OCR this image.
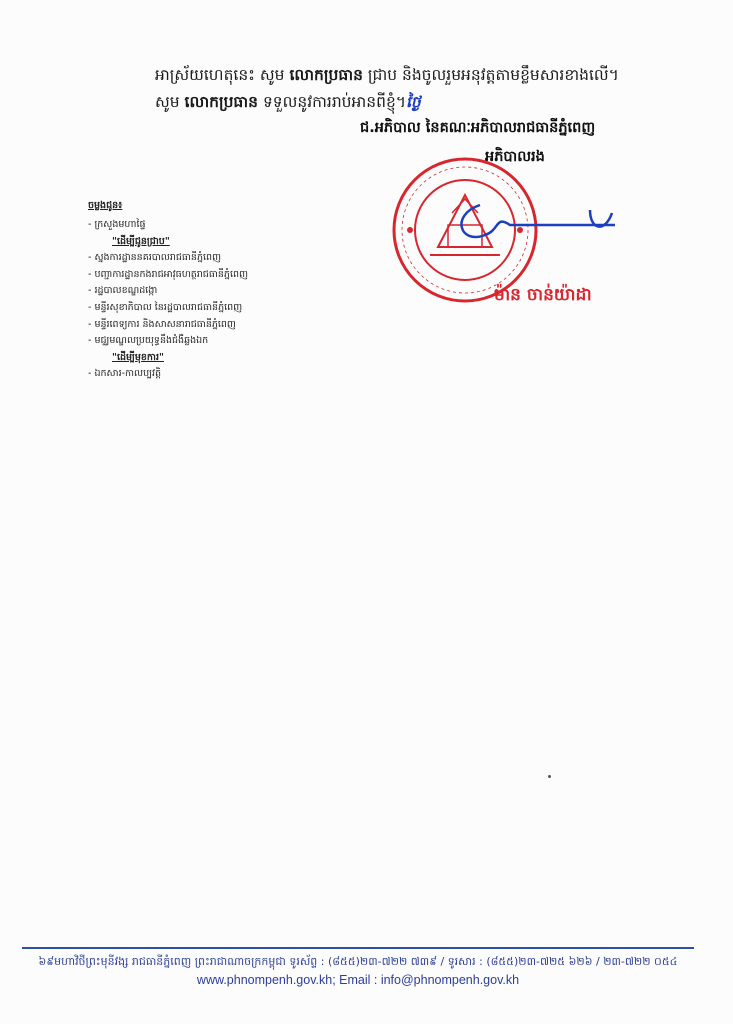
អាស្រ័យហេតុនេះ សូម លោកប្រធាន ជ្រាប និងចូលរួមអនុវត្តតាមខ្លឹមសារខាងលើ។
សូម លោកប្រធាន ទទួលនូវការរាប់អានពីខ្ញុំ។ថ្ងៃ
ជ.អភិបាល នៃគណៈអភិបាលរាជធានីភ្នំពេញ
អភិបាលរង
ម៉ាន ចាន់យ៉ាដា
ចម្លងជូន៖
- ក្រសួងមហាផ្ទៃ
"ដើម្បីជូនជ្រាប"
- ស្នងការដ្ឋាននគរបាលរាជធានីភ្នំពេញ
- បញ្ជាការដ្ឋានកងរាជអាវុធហត្ថរាជធានីភ្នំពេញ
- រដ្ឋបាលខណ្ឌដង្កោ
- មន្ទីរសុខាភិបាល នៃរដ្ឋបាលរាជធានីភ្នំពេញ
- មន្ទីរពេទ្យការ និងសាសនារាជធានីភ្នំពេញ
- មជ្ឈមណ្ឌលប្រយុទ្ធនឹងជំងឺឆ្លងឯក
"ដើម្បីមុខការ"
- ឯកសារ-កាលប្បវត្តិ
៦៩មហាវិថីព្រះមុនីវង្ស រាជធានីភ្នំពេញ ព្រះរាជាណាចក្រកម្ពុជា ទូរស័ព្ទ : (៨៥៥)២៣-៧២២ ៧៣៩ / ទូរសារ : (៨៥៥)២៣-៧២៥ ៦២៦ / ២៣-៧២២ ០៥៤
www.phnompenh.gov.kh; Email : info@phnompenh.gov.kh
